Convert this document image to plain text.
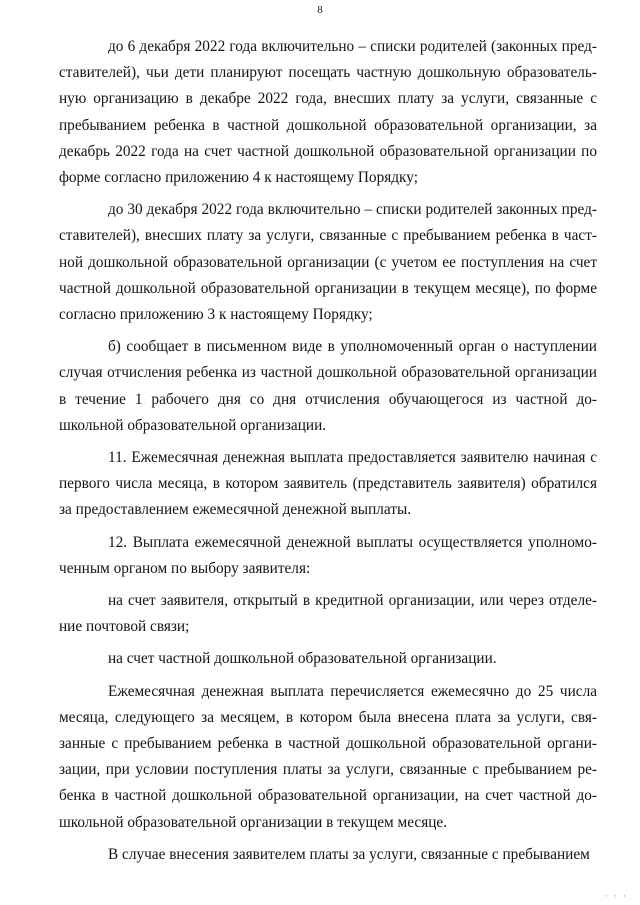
8

до 6 декабря 2022 года включительно – списки родителей (законных представителей), чьи дети планируют посещать частную дошкольную образовательную организацию в декабре 2022 года, внесших плату за услуги, связанные с пребыванием ребенка в частной дошкольной образовательной организации, за декабрь 2022 года на счет частной дошкольной образовательной организации по форме согласно приложению 4 к настоящему Порядку;

до 30 декабря 2022 года включительно – списки родителей законных представителей), внесших плату за услуги, связанные с пребыванием ребенка в частной дошкольной образовательной организации (с учетом ее поступления на счет частной дошкольной образовательной организации в текущем месяце), по форме согласно приложению 3 к настоящему Порядку;

б) сообщает в письменном виде в уполномоченный орган о наступлении случая отчисления ребенка из частной дошкольной образовательной организации в течение 1 рабочего дня со дня отчисления обучающегося из частной дошкольной образовательной организации.

11. Ежемесячная денежная выплата предоставляется заявителю начиная с первого числа месяца, в котором заявитель (представитель заявителя) обратился за предоставлением ежемесячной денежной выплаты.

12. Выплата ежемесячной денежной выплаты осуществляется уполномоченным органом по выбору заявителя:

на счет заявителя, открытый в кредитной организации, или через отделение почтовой связи;

на счет частной дошкольной образовательной организации.

Ежемесячная денежная выплата перечисляется ежемесячно до 25 числа месяца, следующего за месяцем, в котором была внесена плата за услуги, связанные с пребыванием ребенка в частной дошкольной образовательной организации, при условии поступления платы за услуги, связанные с пребыванием ребенка в частной дошкольной образовательной организации, на счет частной дошкольной образовательной организации в текущем месяце.

В случае внесения заявителем платы за услуги, связанные с пребыванием

· · ·
